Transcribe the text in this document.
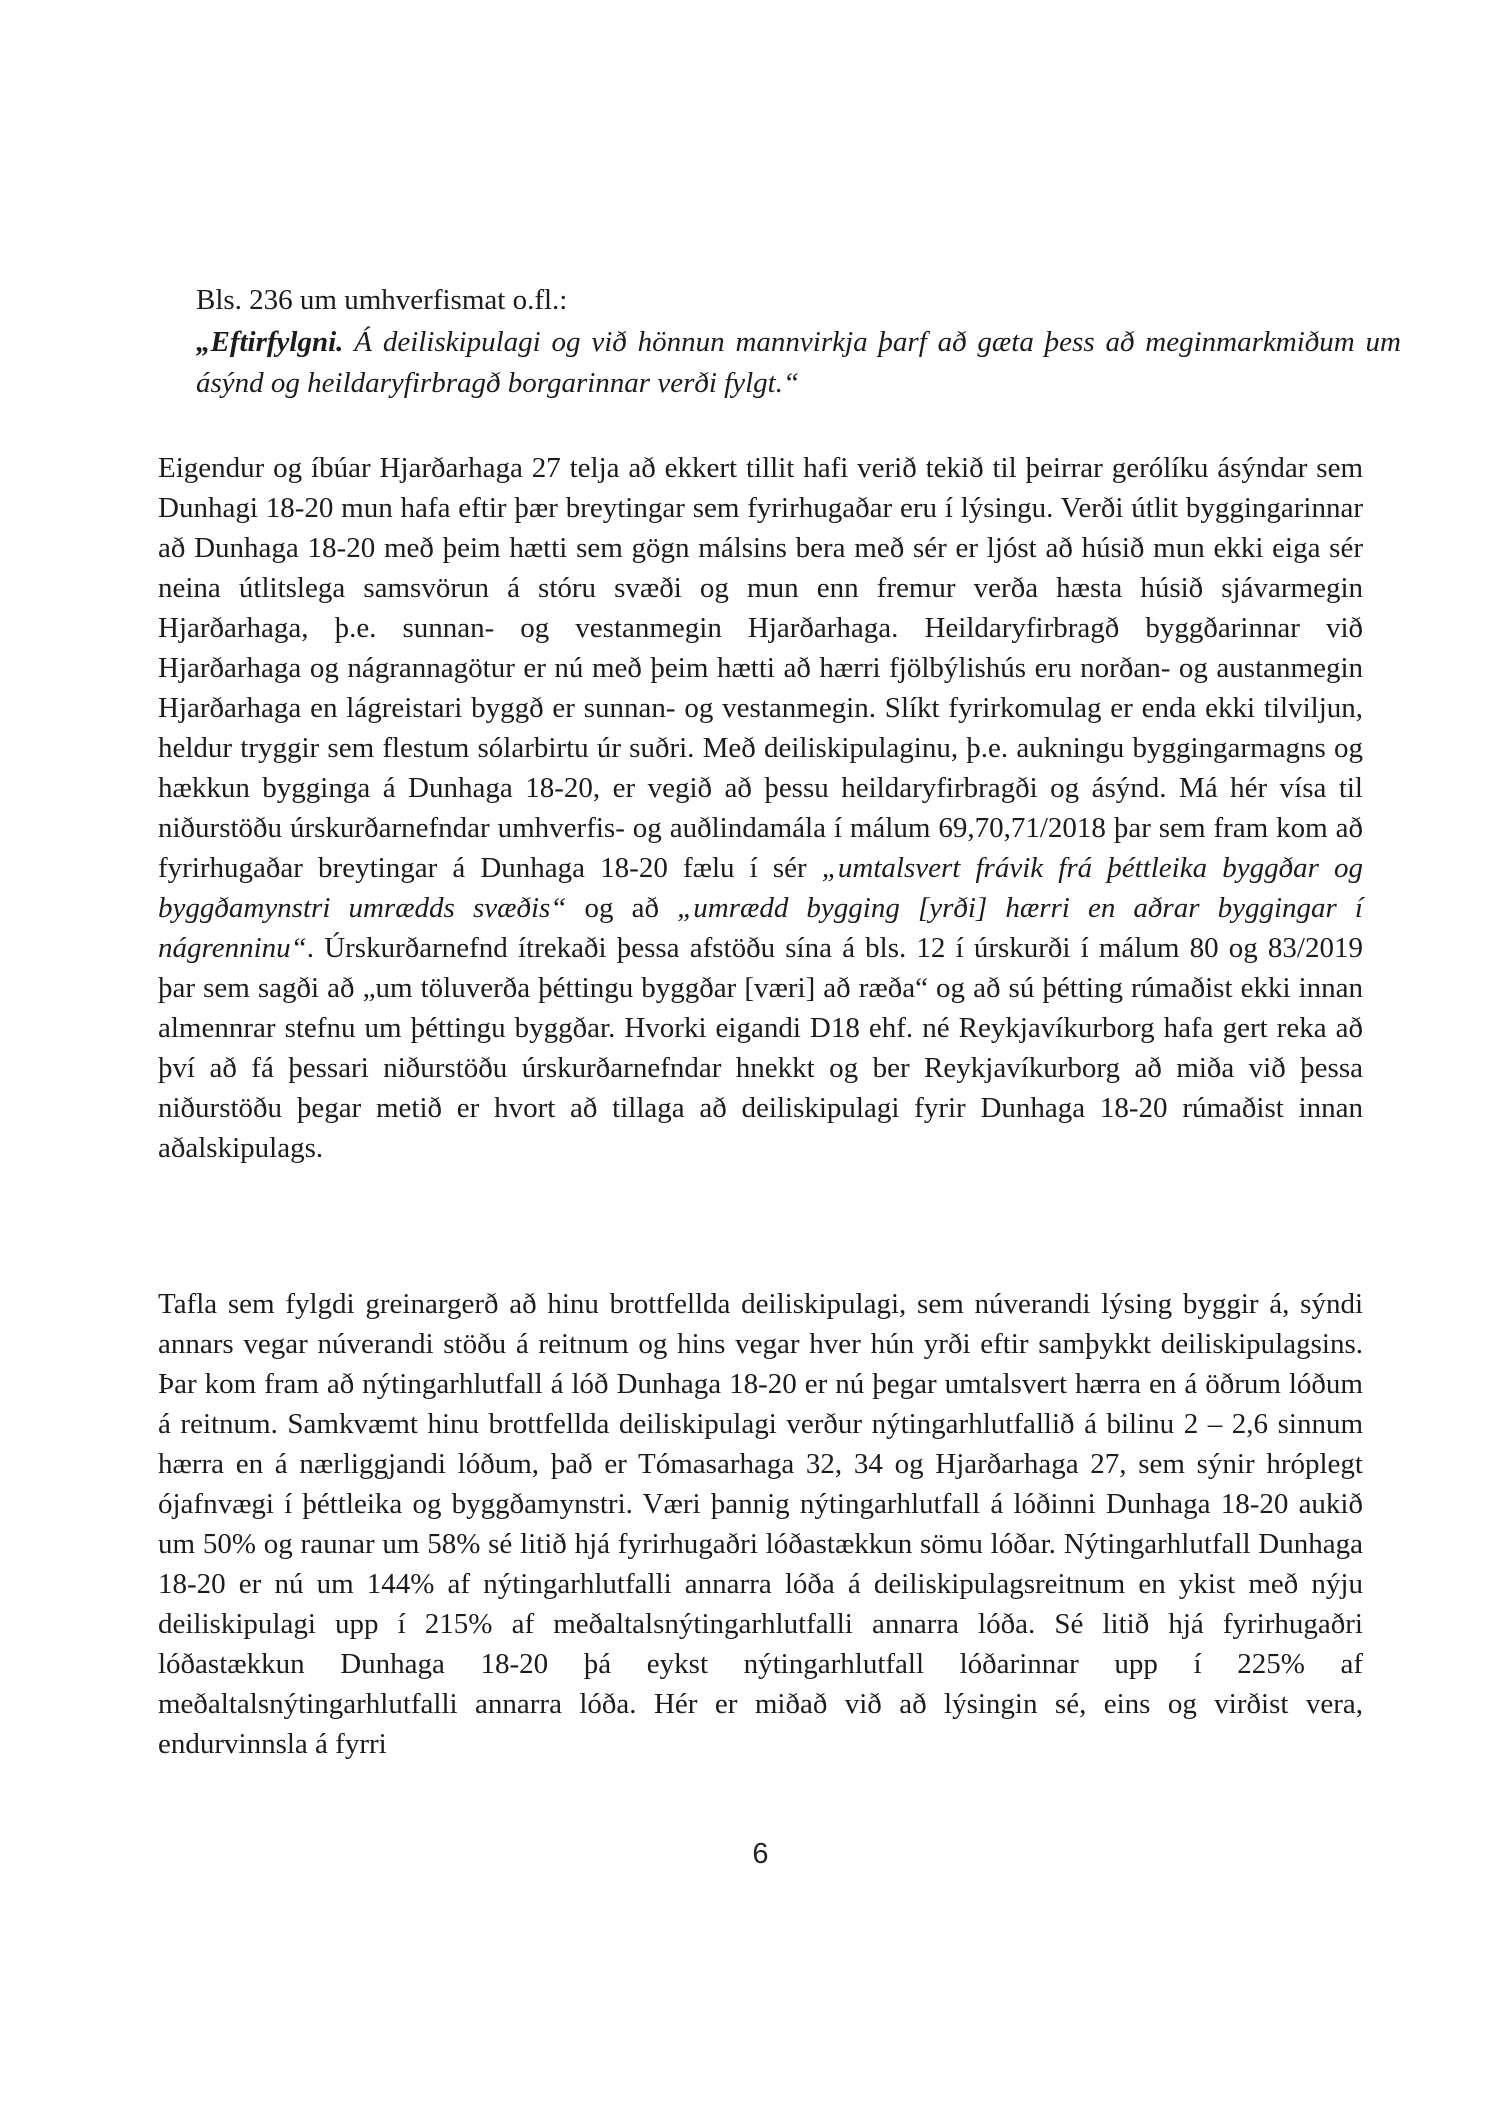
Bls. 236 um umhverfismat o.fl.:

„Eftirfylgni. Á deiliskipulagi og við hönnun mannvirkja þarf að gæta þess að meginmarkmiðum um ásýnd og heildaryfirbragð borgarinnar verði fylgt.“

Eigendur og íbúar Hjarðarhaga 27 telja að ekkert tillit hafi verið tekið til þeirrar gerólíku ásýndar sem Dunhagi 18-20 mun hafa eftir þær breytingar sem fyrirhugaðar eru í lýsingu. Verði útlit byggingarinnar að Dunhaga 18-20 með þeim hætti sem gögn málsins bera með sér er ljóst að húsið mun ekki eiga sér neina útlitslega samsvörun á stóru svæði og mun enn fremur verða hæsta húsið sjávarmegin Hjarðarhaga, þ.e. sunnan- og vestanmegin Hjarðarhaga. Heildaryfirbragð byggðarinnar við Hjarðarhaga og nágrannagötur er nú með þeim hætti að hærri fjölbýlishús eru norðan- og austanmegin Hjarðarhaga en lágreistari byggð er sunnan- og vestanmegin. Slíkt fyrirkomulag er enda ekki tilviljun, heldur tryggir sem flestum sólarbirtu úr suðri. Með deiliskipulaginu, þ.e. aukningu byggingarmagns og hækkun bygginga á Dunhaga 18-20, er vegið að þessu heildaryfirbragði og ásýnd. Má hér vísa til niðurstöðu úrskurðarnefndar umhverfis- og auðlindamála í málum 69,70,71/2018 þar sem fram kom að fyrirhugaðar breytingar á Dunhaga 18-20 fælu í sér „umtalsvert frávik frá þéttleika byggðar og byggðamynstri umrædds svæðis“ og að „umrædd bygging [yrði] hærri en aðrar byggingar í nágrenninu“. Úrskurðarnefnd ítrekaði þessa afstöðu sína á bls. 12 í úrskurði í málum 80 og 83/2019 þar sem sagði að „um töluverða þéttingu byggðar [væri] að ræða“ og að sú þétting rúmaðist ekki innan almennrar stefnu um þéttingu byggðar. Hvorki eigandi D18 ehf. né Reykjavíkurborg hafa gert reka að því að fá þessari niðurstöðu úrskurðarnefndar hnekkt og ber Reykjavíkurborg að miða við þessa niðurstöðu þegar metið er hvort að tillaga að deiliskipulagi fyrir Dunhaga 18-20 rúmaðist innan aðalskipulags.

Tafla sem fylgdi greinargerð að hinu brottfellda deiliskipulagi, sem núverandi lýsing byggir á, sýndi annars vegar núverandi stöðu á reitnum og hins vegar hver hún yrði eftir samþykkt deiliskipulagsins. Þar kom fram að nýtingarhlutfall á lóð Dunhaga 18-20 er nú þegar umtalsvert hærra en á öðrum lóðum á reitnum. Samkvæmt hinu brottfellda deiliskipulagi verður nýtingarhlutfallið á bilinu 2 – 2,6 sinnum hærra en á nærliggjandi lóðum, það er Tómasarhaga 32, 34 og Hjarðarhaga 27, sem sýnir hróplegt ójafnvægi í þéttleika og byggðamynstri. Væri þannig nýtingarhlutfall á lóðinni Dunhaga 18-20 aukið um 50% og raunar um 58% sé litið hjá fyrirhugaðri lóðastækkun sömu lóðar. Nýtingarhlutfall Dunhaga 18-20 er nú um 144% af nýtingarhlutfalli annarra lóða á deiliskipulagsreitnum en ykist með nýju deiliskipulagi upp í 215% af meðaltalsnýtingarhlutfalli annarra lóða. Sé litið hjá fyrirhugaðri lóðastækkun Dunhaga 18-20 þá eykst nýtingarhlutfall lóðarinnar upp í 225% af meðaltalsnýtingarhlutfalli annarra lóða. Hér er miðað við að lýsingin sé, eins og virðist vera, endurvinnsla á fyrri

6
